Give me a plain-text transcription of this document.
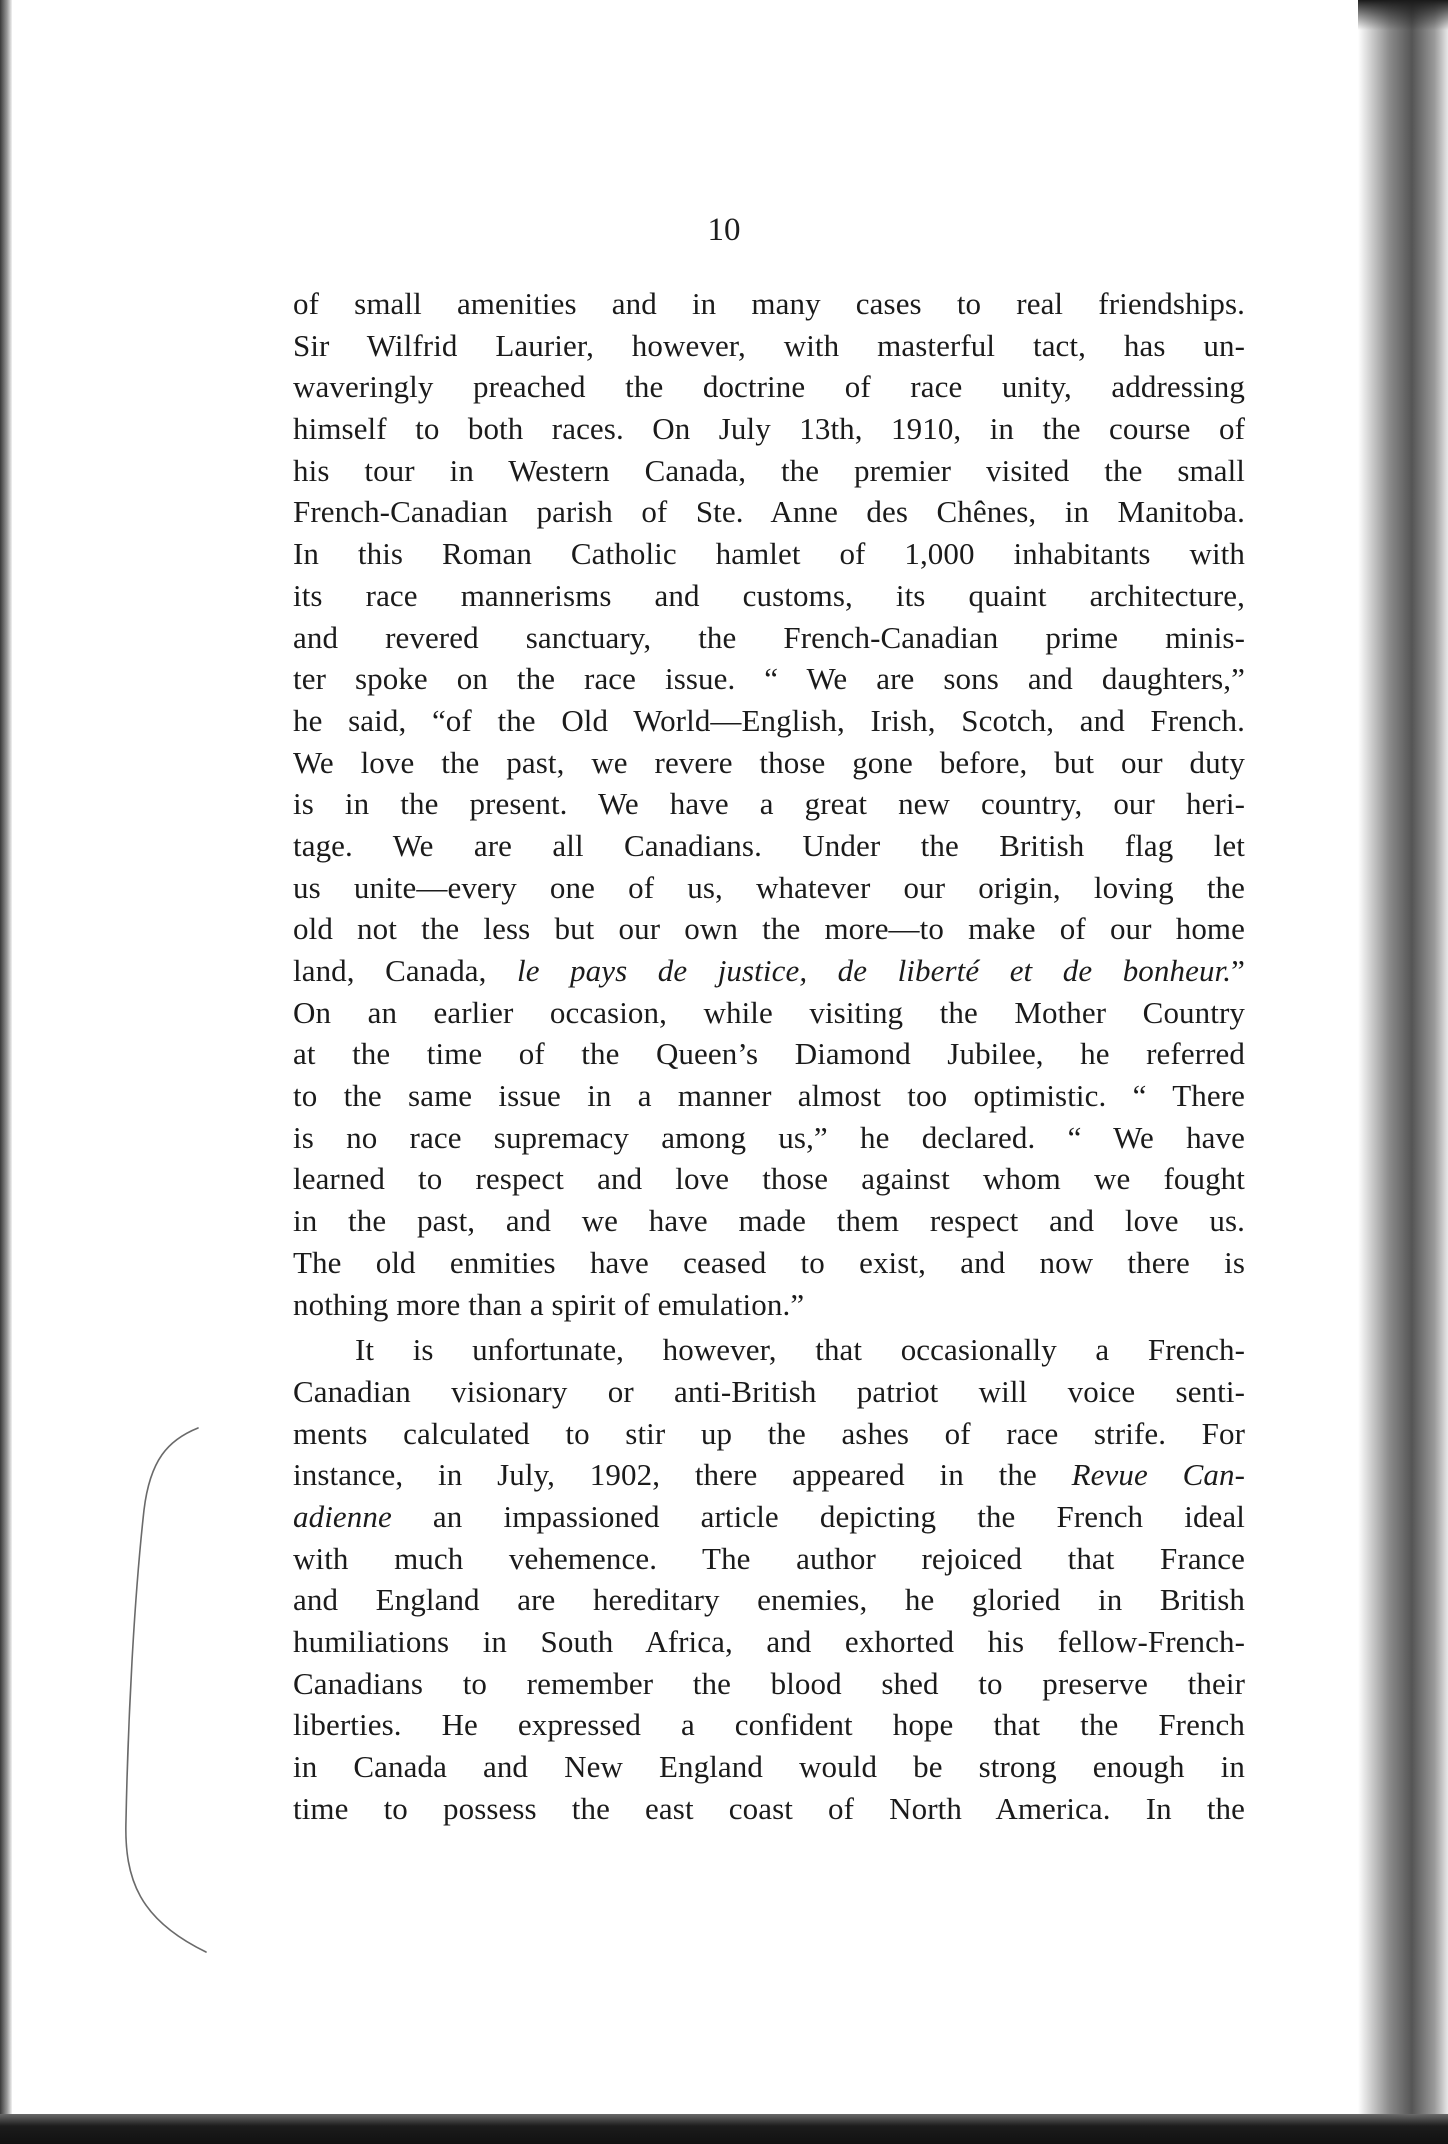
10
of small amenities and in many cases to real friendships.
Sir Wilfrid Laurier, however, with masterful tact, has un-
waveringly preached the doctrine of race unity, addressing
himself to both races. On July 13th, 1910, in the course of
his tour in Western Canada, the premier visited the small
French-Canadian parish of Ste. Anne des Chênes, in Manitoba.
In this Roman Catholic hamlet of 1,000 inhabitants with
its race mannerisms and customs, its quaint architecture,
and revered sanctuary, the French-Canadian prime minis-
ter spoke on the race issue. “ We are sons and daughters,”
he said, “of the Old World—English, Irish, Scotch, and French.
We love the past, we revere those gone before, but our duty
is in the present. We have a great new country, our heri-
tage. We are all Canadians. Under the British flag let
us unite—every one of us, whatever our origin, loving the
old not the less but our own the more—to make of our home
land, Canada, le pays de justice, de liberté et de bonheur.”
On an earlier occasion, while visiting the Mother Country
at the time of the Queen’s Diamond Jubilee, he referred
to the same issue in a manner almost too optimistic. “ There
is no race supremacy among us,” he declared. “ We have
learned to respect and love those against whom we fought
in the past, and we have made them respect and love us.
The old enmities have ceased to exist, and now there is
nothing more than a spirit of emulation.”
It is unfortunate, however, that occasionally a French-
Canadian visionary or anti-British patriot will voice senti-
ments calculated to stir up the ashes of race strife. For
instance, in July, 1902, there appeared in the Revue Can-
adienne an impassioned article depicting the French ideal
with much vehemence. The author rejoiced that France
and England are hereditary enemies, he gloried in British
humiliations in South Africa, and exhorted his fellow-French-
Canadians to remember the blood shed to preserve their
liberties. He expressed a confident hope that the French
in Canada and New England would be strong enough in
time to possess the east coast of North America. In the
